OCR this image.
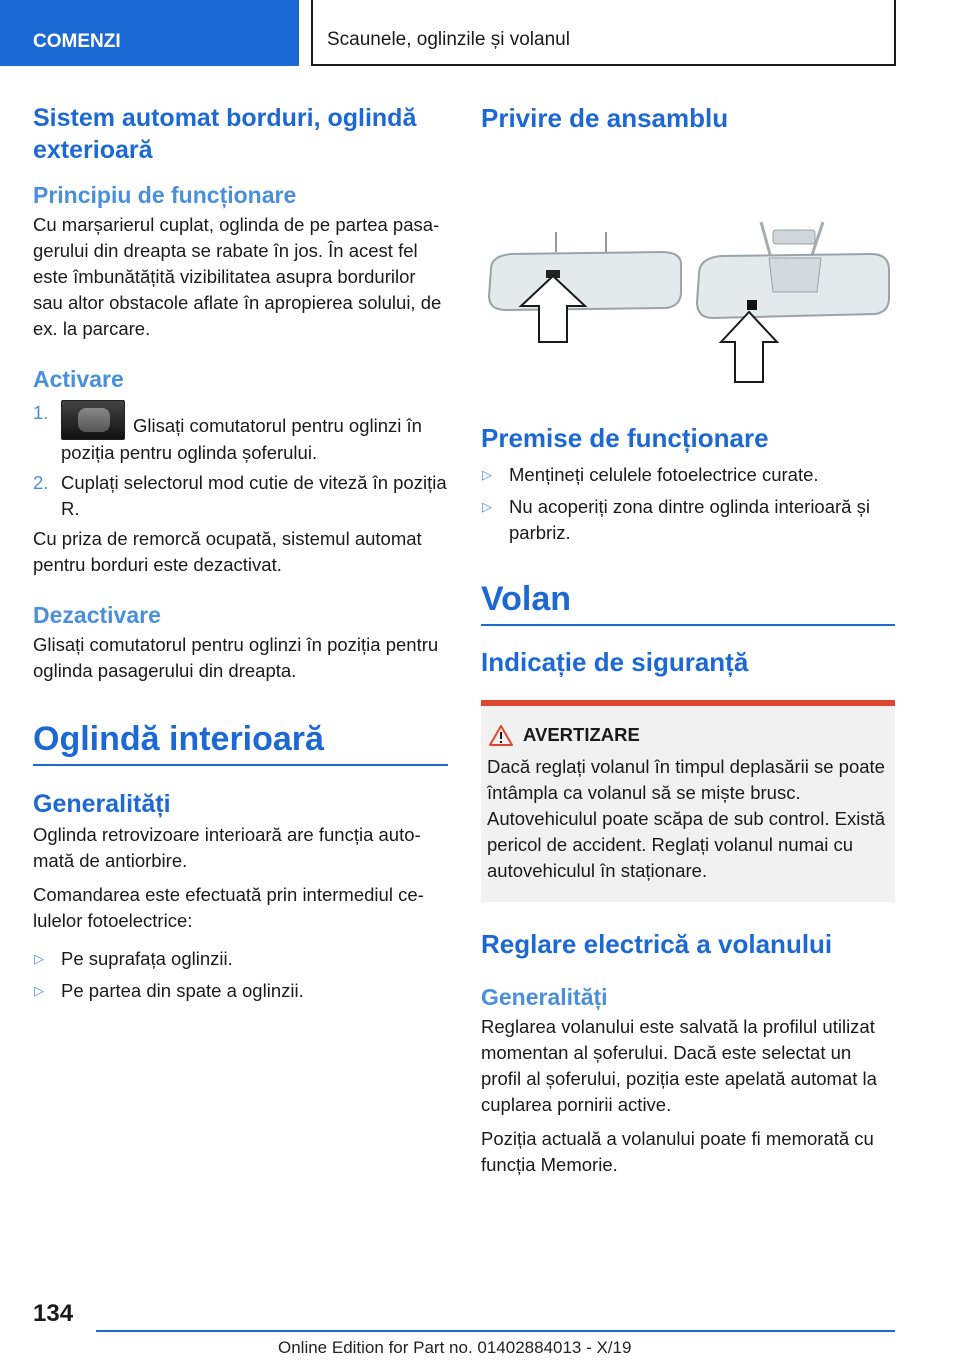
COMENZI	Scaunele, oglinzile și volanul
Sistem automat borduri, oglindă exterioară
Principiu de funcționare

Cu marșarierul cuplat, oglinda de pe partea pasagerului din dreapta se rabate în jos. În acest fel este îmbunătățită vizibilitatea asupra bordurilor sau altor obstacole aflate în apropierea solului, de ex. la parcare.

Activare
1.
Glisați comutatorul pentru oglinzi în poziția pentru oglinda șoferului.
2. Cuplați selectorul mod cutie de viteză în poziția R.

Cu priza de remorcă ocupată, sistemul automat pentru borduri este dezactivat.

Dezactivare

Glisați comutatorul pentru oglinzi în poziția pentru oglinda pasagerului din dreapta.

Oglindă interioară
Generalități

Oglinda retrovizoare interioară are funcția automată de antiorbire.

Comandarea este efectuată prin intermediul celulelor fotoelectrice:

▷ Pe suprafața oglinzii.
▷ Pe partea din spate a oglinzii.
Privire de ansamblu
Premise de funcționare
▷ Mențineți celulele fotoelectrice curate.
▷ Nu acoperiți zona dintre oglinda interioară și parbriz.
Volan
Indicație de siguranță
AVERTIZARE

Dacă reglați volanul în timpul deplasării se poate întâmpla ca volanul să se miște brusc. Autovehiculul poate scăpa de sub control. Există pericol de accident. Reglați volanul numai cu autovehiculul în staționare.

Reglare electrică a volanului
Generalități

Reglarea volanului este salvată la profilul utilizat momentan al șoferului. Dacă este selectat un profil al șoferului, poziția este apelată automat la cuplarea pornirii active.

Poziția actuală a volanului poate fi memorată cu funcția Memorie.

134
Online Edition for Part no. 01402884013 - X/19
